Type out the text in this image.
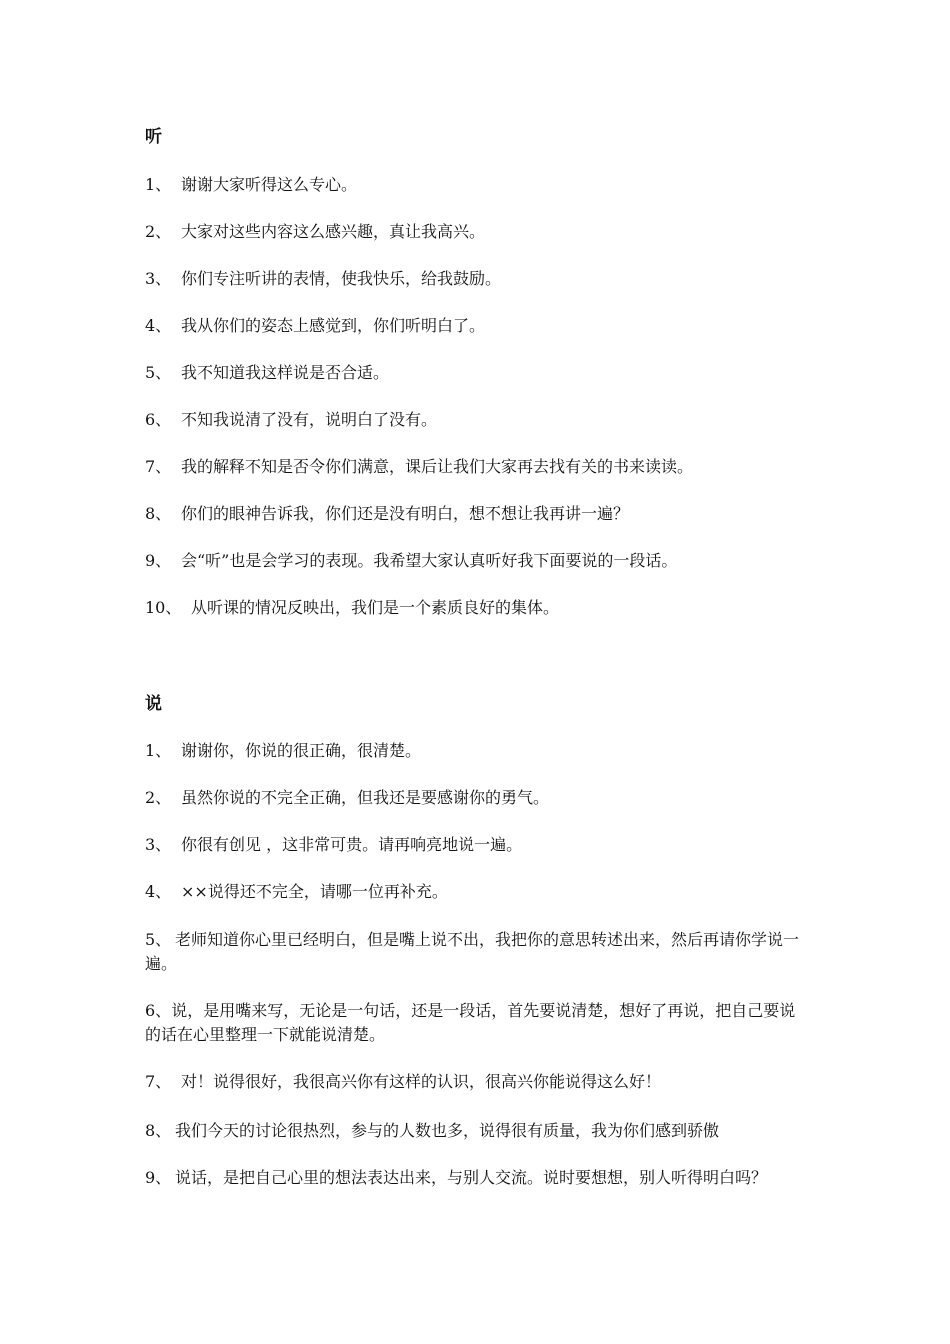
听

1、 谢谢大家听得这么专心。

2、 大家对这些内容这么感兴趣，真让我高兴。

3、 你们专注听讲的表情，使我快乐，给我鼓励。

4、 我从你们的姿态上感觉到，你们听明白了。

5、 我不知道我这样说是否合适。

6、 不知我说清了没有，说明白了没有。

7、 我的解释不知是否令你们满意，课后让我们大家再去找有关的书来读读。

8、 你们的眼神告诉我，你们还是没有明白，想不想让我再讲一遍？

9、 会“听”也是会学习的表现。我希望大家认真听好我下面要说的一段话。

10、 从听课的情况反映出，我们是一个素质良好的集体。

说

1、 谢谢你，你说的很正确，很清楚。

2、 虽然你说的不完全正确，但我还是要感谢你的勇气。

3、 你很有创见 ，这非常可贵。请再响亮地说一遍。

4、 ××说得还不完全，请哪一位再补充。

5、 老师知道你心里已经明白，但是嘴上说不出，我把你的意思转述出来，然后再请你学说一遍。

6、说，是用嘴来写，无论是一句话，还是一段话，首先要说清楚，想好了再说，把自己要说的话在心里整理一下就能说清楚。

7、 对！说得很好，我很高兴你有这样的认识，很高兴你能说得这么好！

8、 我们今天的讨论很热烈，参与的人数也多，说得很有质量，我为你们感到骄傲

9、 说话，是把自己心里的想法表达出来，与别人交流。说时要想想，别人听得明白吗？
